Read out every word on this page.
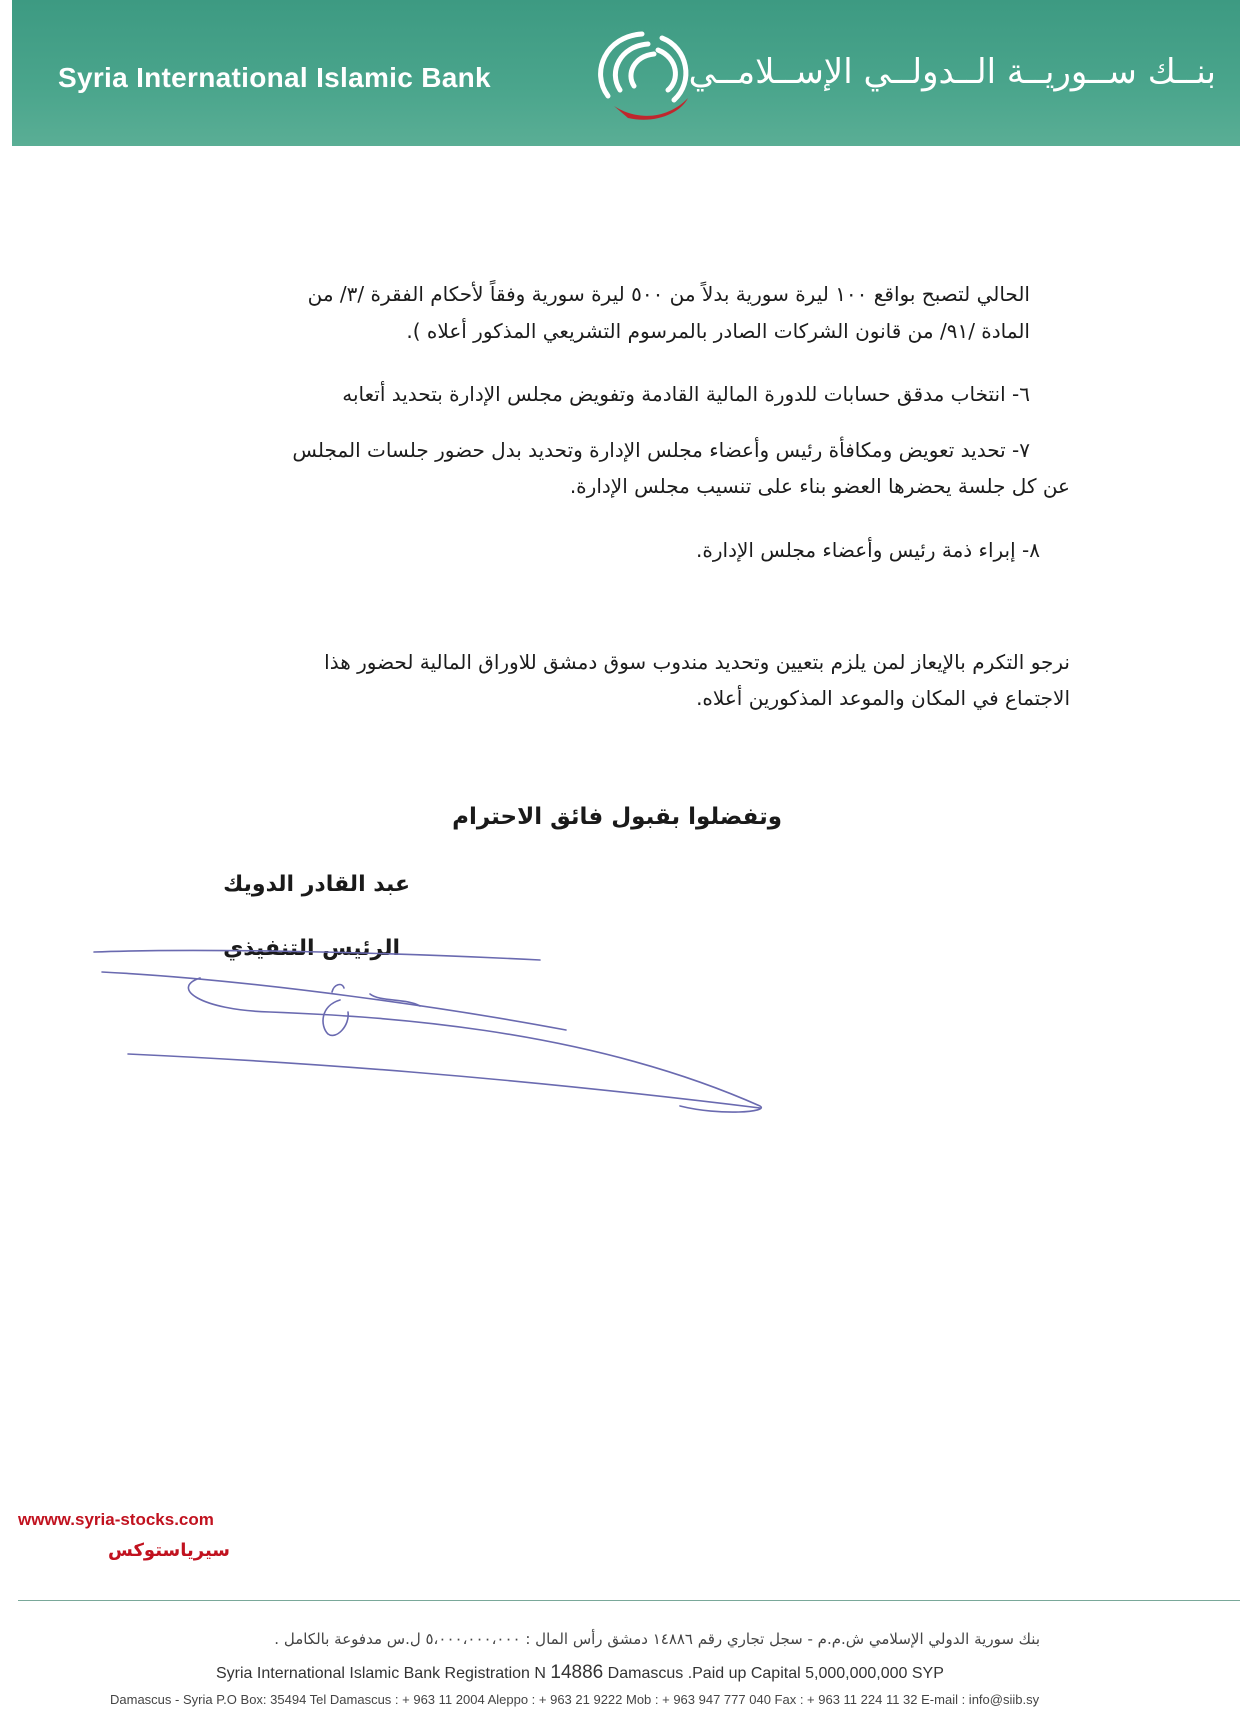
Syria International Islamic Bank	بنــك ســوريــة الــدولــي الإســلامــي
الحالي لتصبح بواقع ١٠٠ ليرة سورية بدلاً من ٥٠٠ ليرة سورية وفقاً لأحكام الفقرة /٣/ من
المادة /٩١/ من قانون الشركات الصادر بالمرسوم التشريعي المذكور أعلاه ).
٦- انتخاب مدقق حسابات للدورة المالية القادمة وتفويض مجلس الإدارة بتحديد أتعابه
٧- تحديد تعويض ومكافأة رئيس وأعضاء مجلس الإدارة وتحديد بدل حضور جلسات المجلس
عن كل جلسة يحضرها العضو بناء على تنسيب مجلس الإدارة.
٨- إبراء ذمة رئيس وأعضاء مجلس الإدارة.
نرجو التكرم بالإيعاز لمن يلزم بتعيين وتحديد مندوب سوق دمشق للاوراق المالية لحضور هذا
الاجتماع في المكان والموعد المذكورين أعلاه.
وتفضلوا بقبول فائق الاحترام
عبد القادر الدويك
الرئيس التنفيذي
wwww.syria-stocks.com
سيرياستوكس
بنك سورية الدولي الإسلامي ش.م.م - سجل تجاري رقم ١٤٨٨٦ دمشق رأس المال : ٥،٠٠٠،٠٠٠،٠٠٠ ل.س مدفوعة بالكامل .
Syria International Islamic Bank Registration N 14886 Damascus .Paid up Capital 5,000,000,000 SYP
Damascus - Syria P.O Box: 35494 Tel Damascus : + 963 11 2004 Aleppo : + 963 21 9222 Mob : + 963 947 777 040 Fax : + 963 11 224 11 32 E-mail : info@siib.sy
